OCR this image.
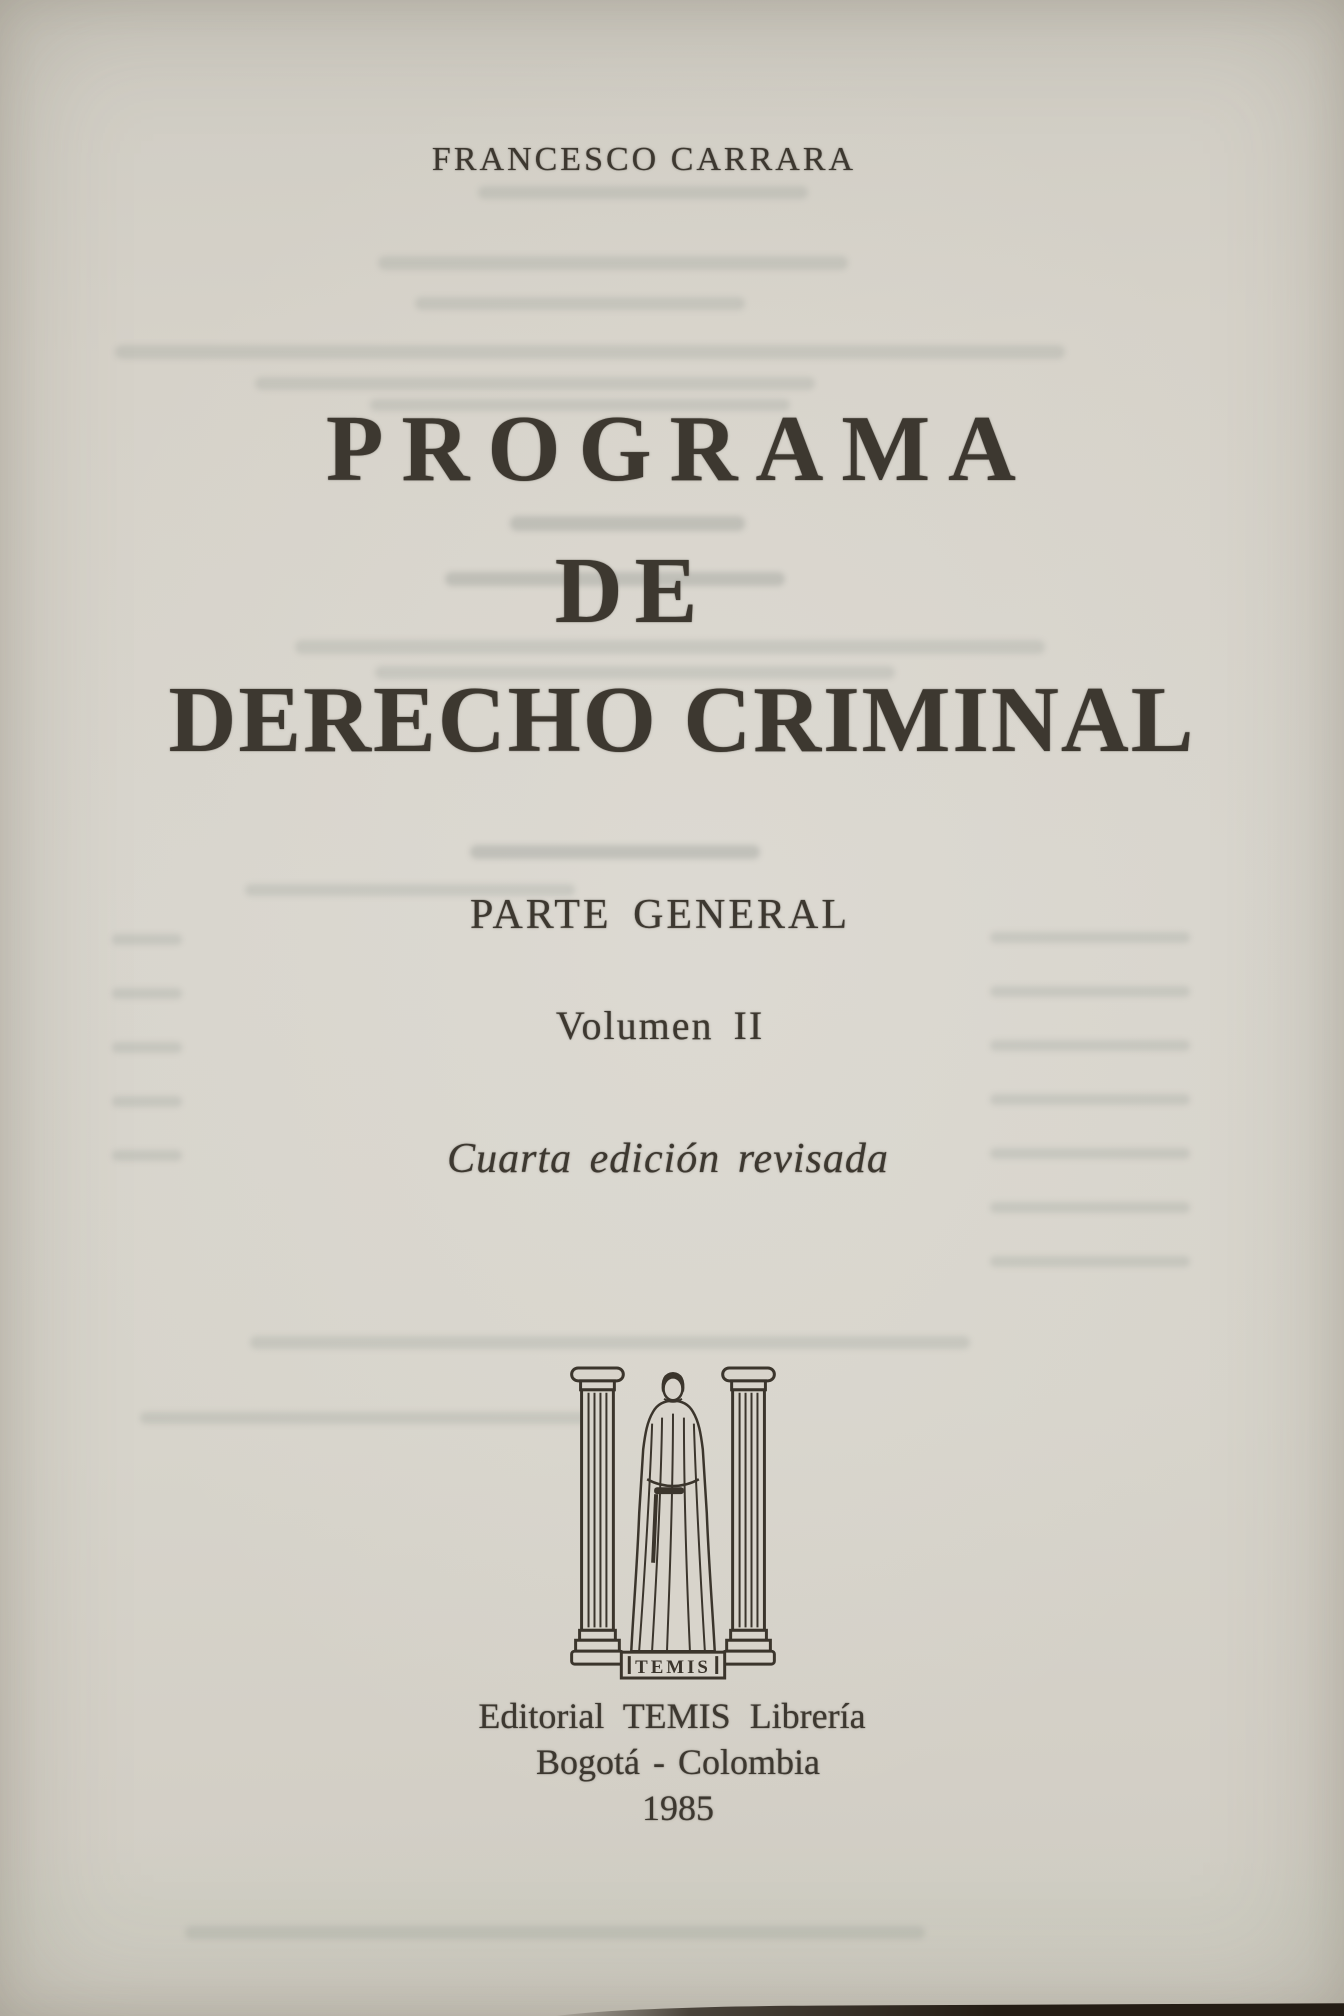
FRANCESCO CARRARA
PROGRAMA
DE
DERECHO CRIMINAL
PARTE GENERAL
Volumen II
Cuarta edición revisada
TEMIS
Editorial TEMIS Librería
Bogotá - Colombia
1985
